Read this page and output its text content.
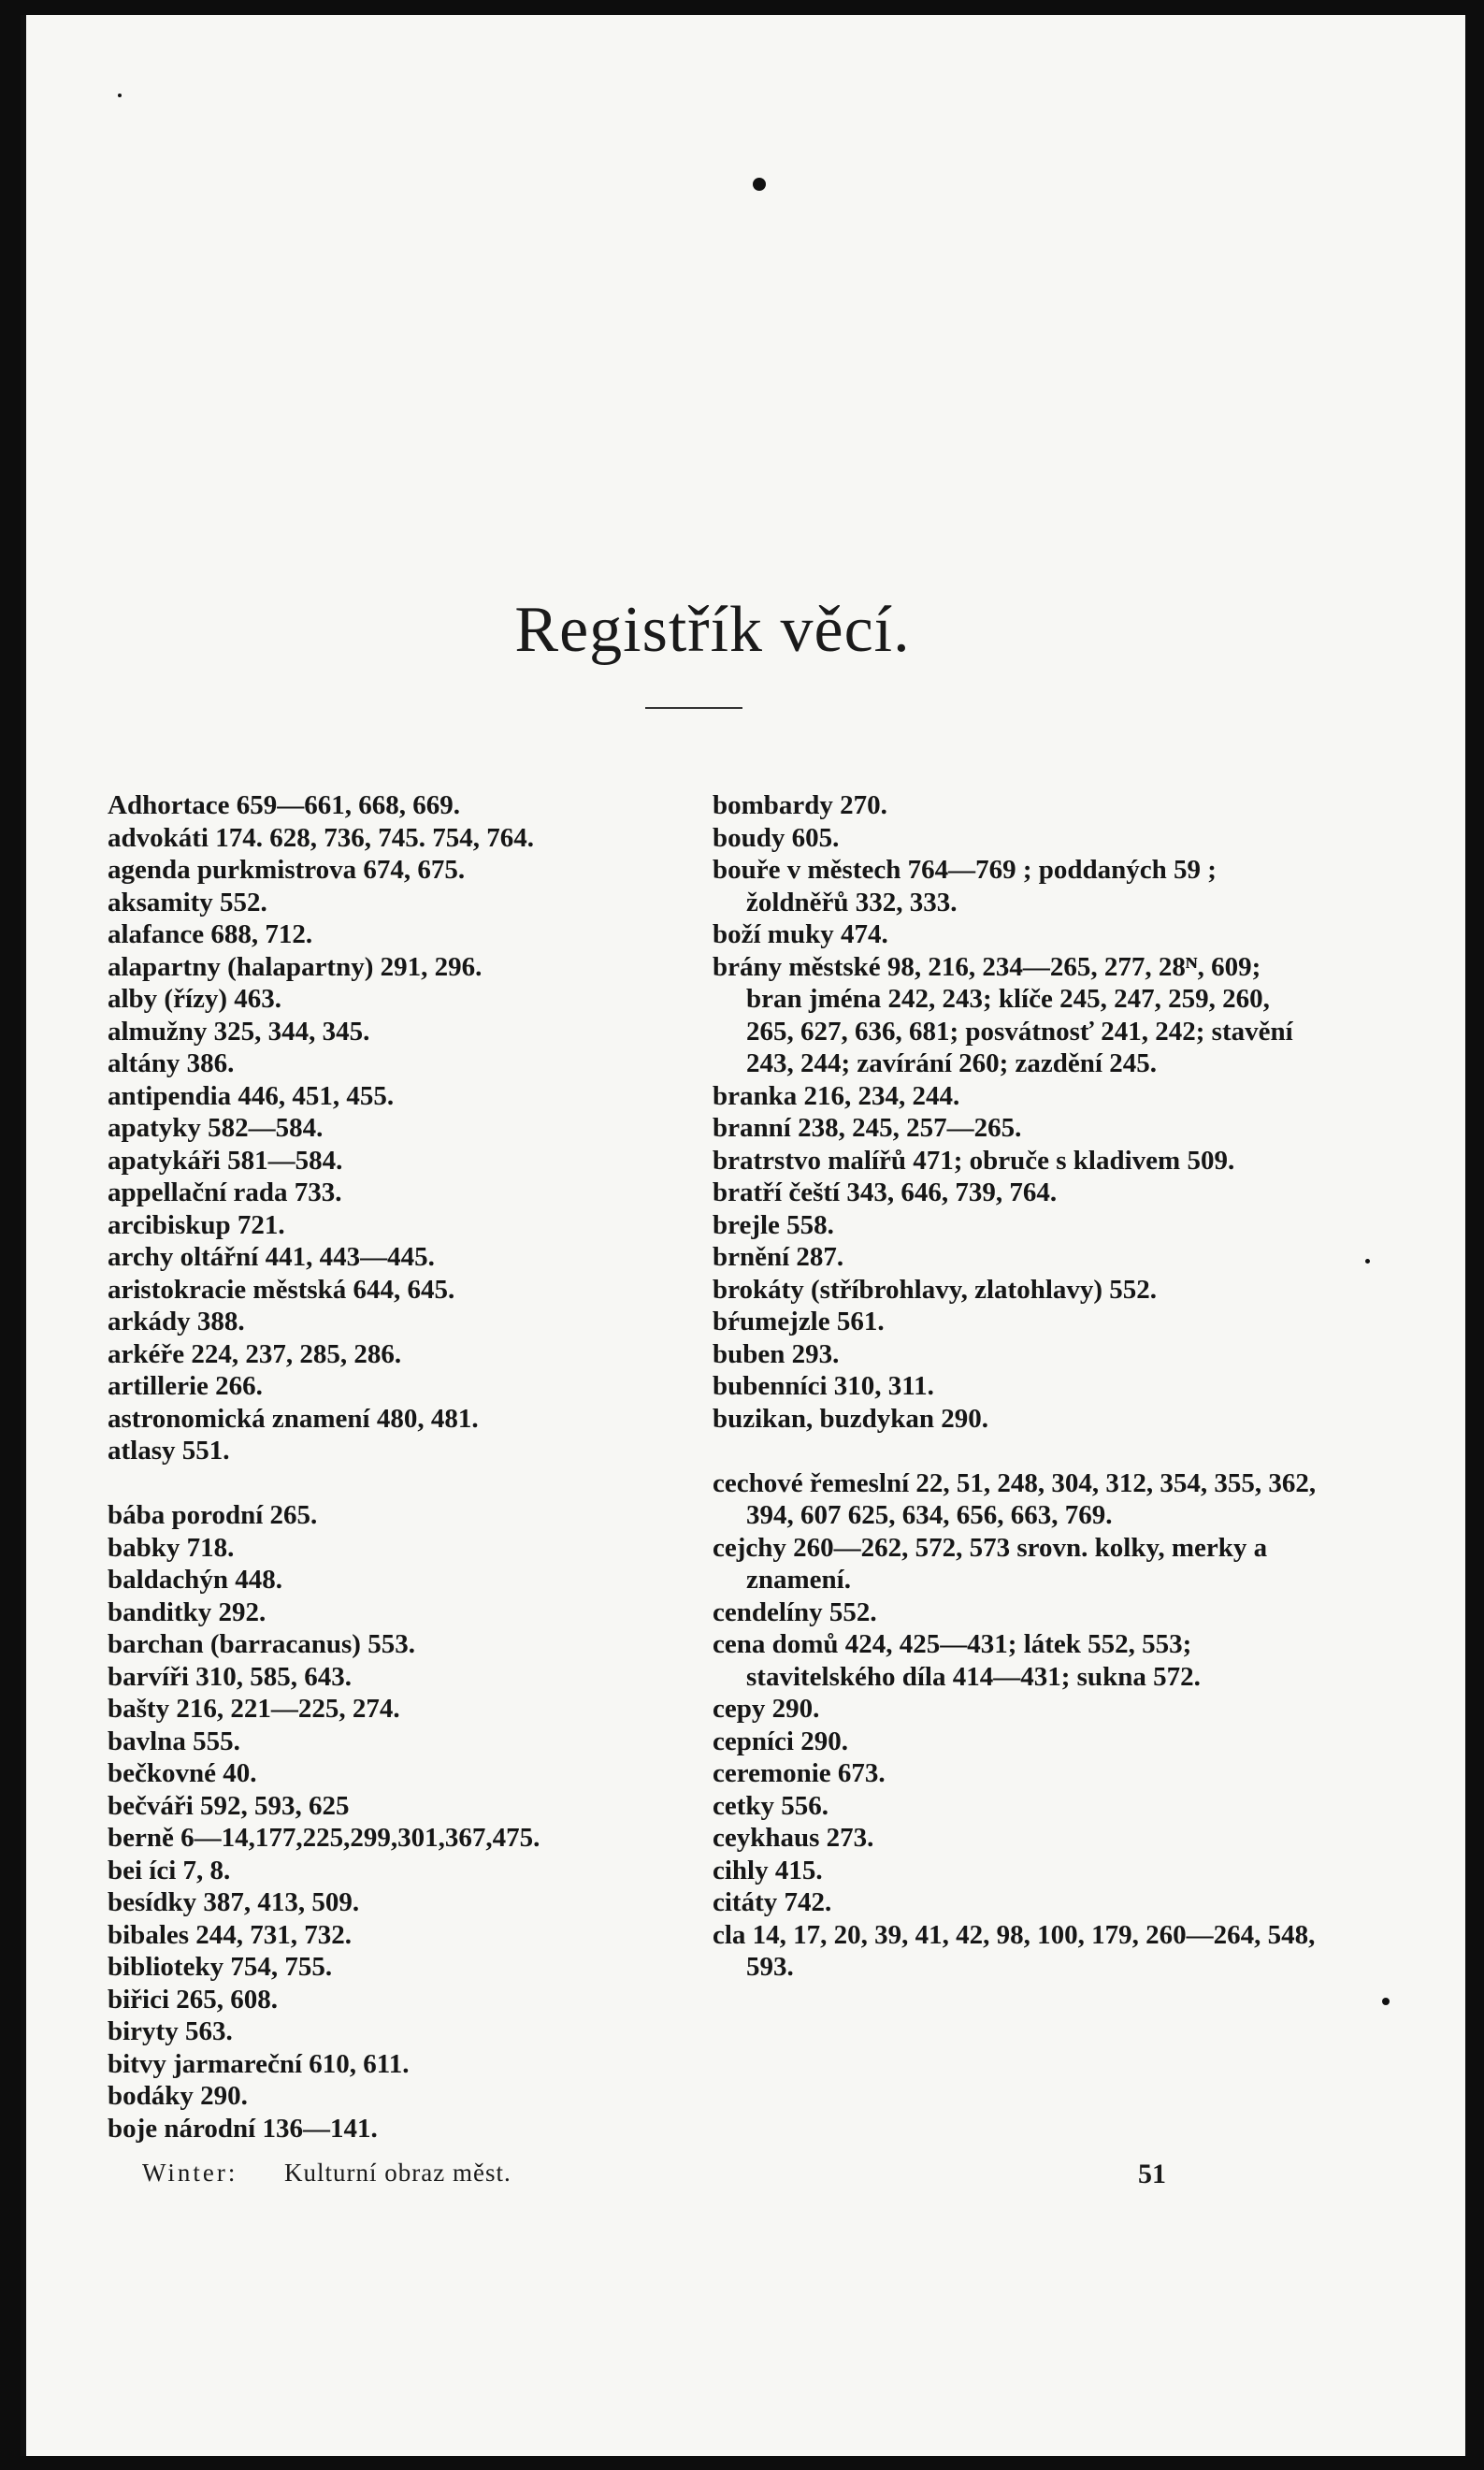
Registřík věcí.

Adhortace 659—661, 668, 669.

advokáti 174. 628, 736, 745. 754, 764.

agenda purkmistrova 674, 675.

aksamity 552.

alafance 688, 712.

alapartny (halapartny) 291, 296.

alby (řízy) 463.

almužny 325, 344, 345.

altány 386.

antipendia 446, 451, 455.

apatyky 582—584.

apatykáři 581—584.

appellační rada 733.

arcibiskup 721.

archy oltářní 441, 443—445.

aristokracie městská 644, 645.

arkády 388.

arkéře 224, 237, 285, 286.

artillerie 266.

astronomická znamení 480, 481.

atlasy 551.

bába porodní 265.

babky 718.

baldachýn 448.

banditky 292.

barchan (barracanus) 553.

barvíři 310, 585, 643.

bašty 216, 221—225, 274.

bavlna 555.

bečkovné 40.

bečváři 592, 593, 625

berně 6—14,177,225,299,301,367,475.

bei íci 7, 8.

besídky 387, 413, 509.

bibales 244, 731, 732.

biblioteky 754, 755.

biřici 265, 608.

biryty 563.

bitvy jarmareční 610, 611.

bodáky 290.

boje národní 136—141.

bombardy 270.

boudy 605.

bouře v městech 764—769 ; poddaných 59 ; žoldněřů 332, 333.

boží muky 474.

brány městské 98, 216, 234—265, 277, 28ᴺ, 609; bran jména 242, 243; klíče 245, 247, 259, 260, 265, 627, 636, 681; posvátnosť 241, 242; stavění 243, 244; zavírání 260; zazdění 245.

branka 216, 234, 244.

branní 238, 245, 257—265.

bratrstvo malířů 471; obruče s kladivem 509.

bratří čeští 343, 646, 739, 764.

brejle 558.

brnění 287.

brokáty (stříbrohlavy, zlatohlavy) 552.

bŕumejzle 561.

buben 293.

bubenníci 310, 311.

buzikan, buzdykan 290.

cechové řemeslní 22, 51, 248, 304, 312, 354, 355, 362, 394, 607 625, 634, 656, 663, 769.

cejchy 260—262, 572, 573 srovn. kolky, merky a znamení.

cendelíny 552.

cena domů 424, 425—431; látek 552, 553; stavitelského díla 414—431; sukna 572.

cepy 290.

cepníci 290.

ceremonie 673.

cetky 556.

ceykhaus 273.

cihly 415.

citáty 742.

cla 14, 17, 20, 39, 41, 42, 98, 100, 179, 260—264, 548, 593.

Winter: Kulturní obraz měst.	51
